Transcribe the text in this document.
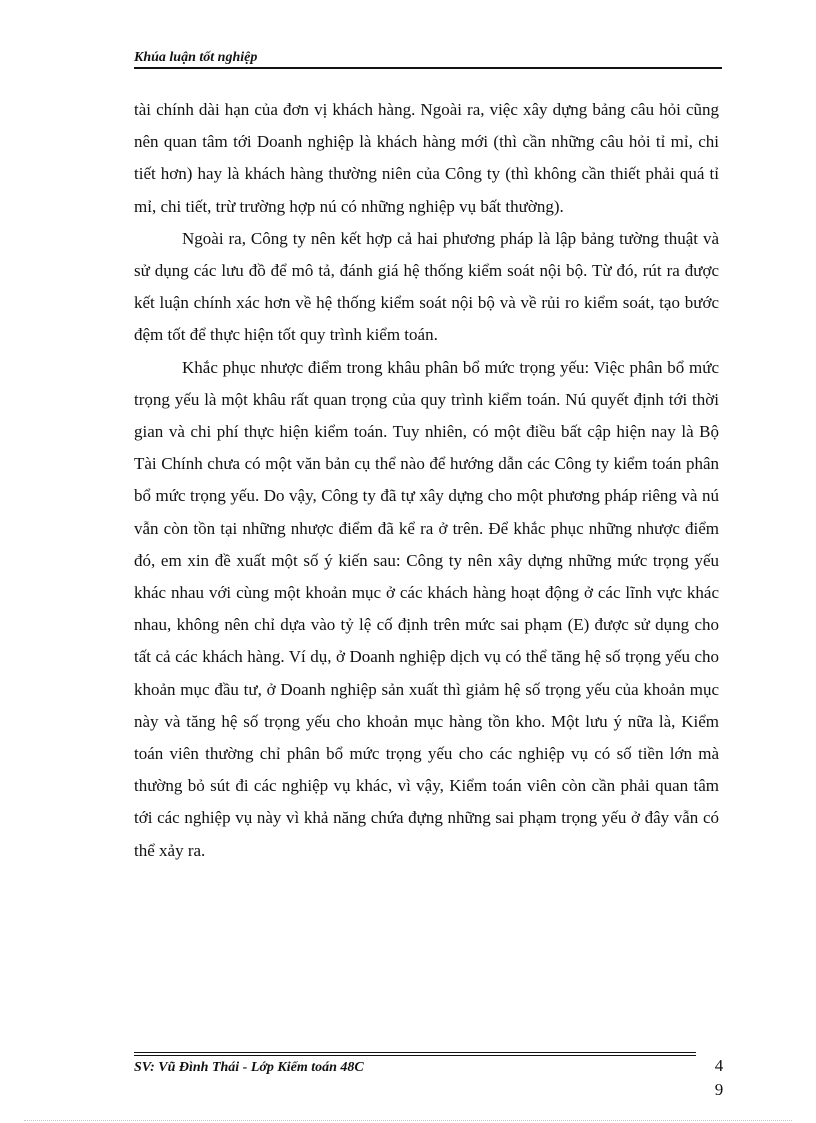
Khúa luận tốt nghiệp

tài chính dài hạn của đơn vị khách hàng. Ngoài ra, việc xây dựng bảng câu hỏi cũng nên quan tâm tới Doanh nghiệp là khách hàng mới (thì cần những câu hỏi tỉ mỉ, chi tiết hơn) hay là khách hàng thường niên của Công ty (thì không cần thiết phải quá tỉ mỉ, chi tiết, trừ trường hợp nú có những nghiệp vụ bất thường).

Ngoài ra, Công ty nên kết hợp cả hai phương pháp là lập bảng tường thuật và sử dụng các lưu đồ để mô tả, đánh giá hệ thống kiểm soát nội bộ. Từ đó, rút ra được kết luận chính xác hơn về hệ thống kiểm soát nội bộ và về rủi ro kiểm soát, tạo bước đệm tốt để thực hiện tốt quy trình kiểm toán.

Khắc phục nhược điểm trong khâu phân bổ mức trọng yếu: Việc phân bổ mức trọng yếu là một khâu rất quan trọng của quy trình kiểm toán. Nú quyết định tới thời gian và chi phí thực hiện kiểm toán. Tuy nhiên, có một điều bất cập hiện nay là Bộ Tài Chính chưa có một văn bản cụ thể nào để hướng dẫn các Công ty kiểm toán phân bổ mức trọng yếu. Do vậy, Công ty đã tự xây dựng cho một phương pháp riêng và nú vẫn còn tồn tại những nhược điểm đã kể ra ở trên. Để khắc phục những nhược điểm đó, em xin đề xuất một số ý kiến sau: Công ty nên xây dựng những mức trọng yếu khác nhau với cùng một khoản mục ở các khách hàng hoạt động ở các lĩnh vực khác nhau, không nên chỉ dựa vào tỷ lệ cố định trên mức sai phạm (E) được sử dụng cho tất cả các khách hàng. Ví dụ, ở Doanh nghiệp dịch vụ có thể tăng hệ số trọng yếu cho khoản mục đầu tư, ở Doanh nghiệp sản xuất thì giảm hệ số trọng yếu của khoản mục này và tăng hệ số trọng yếu cho khoản mục hàng tồn kho. Một lưu ý nữa là, Kiểm toán viên thường chỉ phân bổ mức trọng yếu cho các nghiệp vụ có số tiền lớn mà thường bỏ sút đi các nghiệp vụ khác, vì vậy, Kiểm toán viên còn cần phải quan tâm tới các nghiệp vụ này vì khả năng chứa đựng những sai phạm trọng yếu ở đây vẫn có thể xảy ra.

SV: Vũ Đình Thái - Lớp Kiểm toán 48C	4
9
